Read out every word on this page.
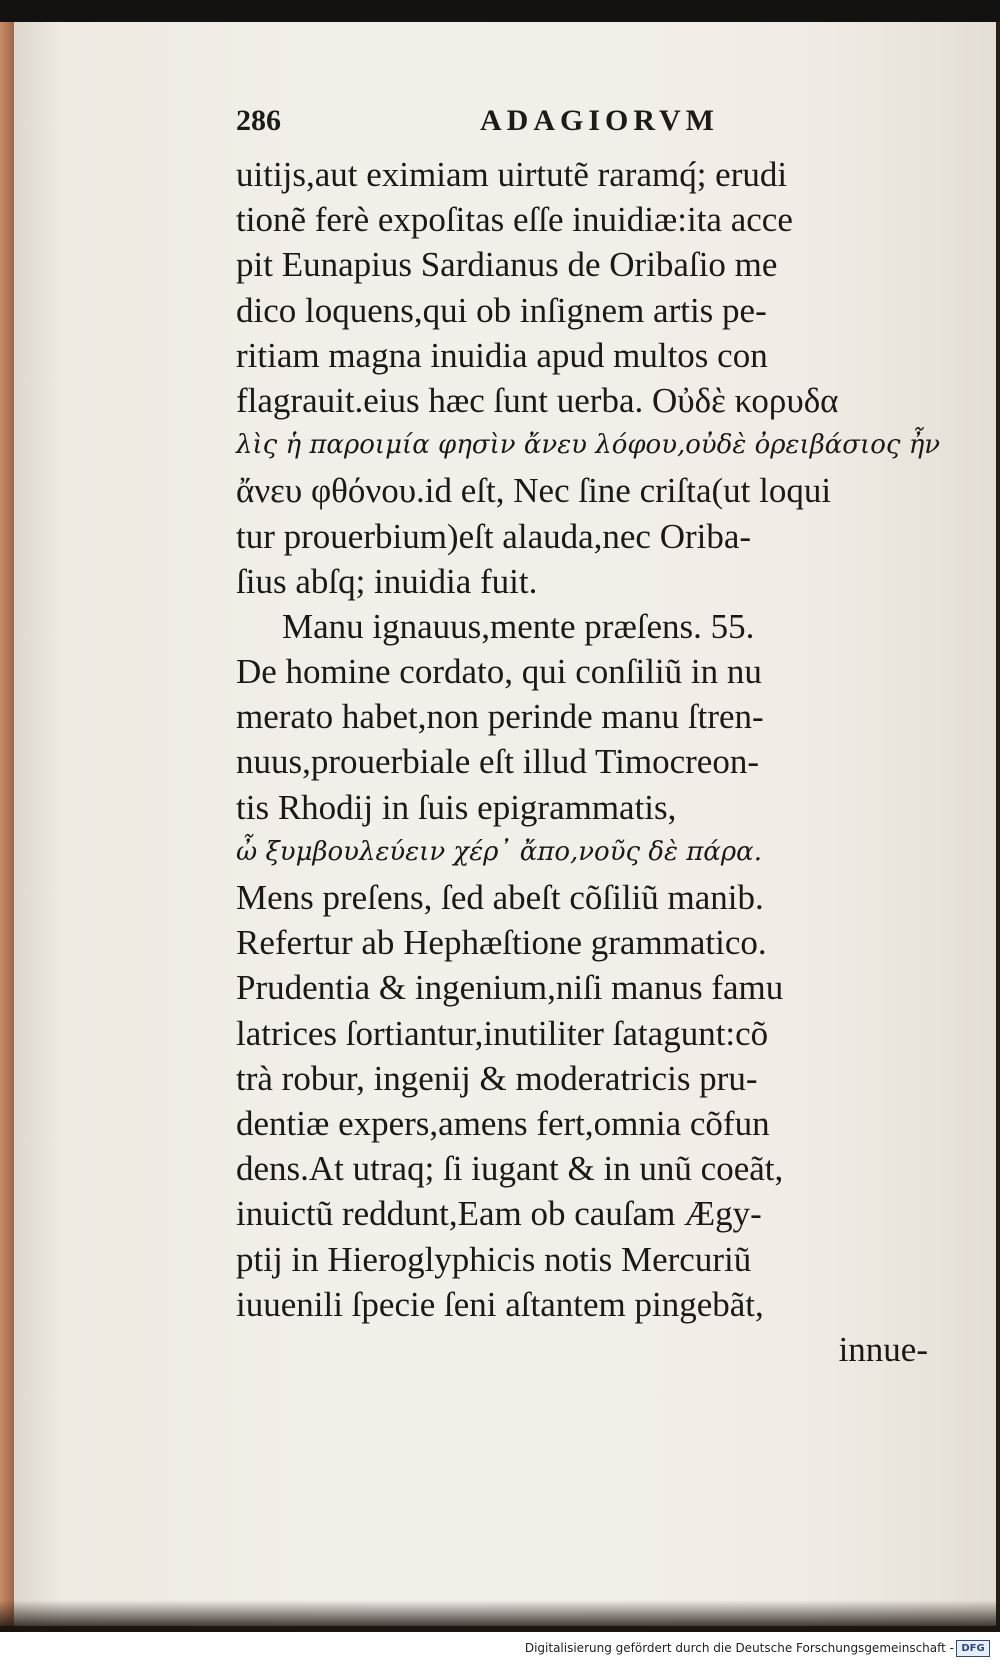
286	ADAGIORVM
uitijs,aut eximiam uirtutẽ raramq́; erudi
tionẽ ferè expoſitas eſſe inuidiæ:ita acce
pit Eunapius Sardianus de Oribaſio me
dico loquens,qui ob inſignem artis pe-
ritiam magna inuidia apud multos con
flagrauit.eius hæc ſunt uerba. Οὐδὲ κορυδα
λὶς ἡ παροιμία φησὶν ἄνευ λόφου,οὐδὲ ὀρειβάσιος ἦν
ἄνευ φθόνου.id eſt, Nec ſine criſta(ut loqui
tur prouerbium)eſt alauda,nec Oriba-
ſius abſq; inuidia fuit.
Manu ignauus,mente præſens. 55.
De homine cordato, qui conſiliũ in nu
merato habet,non perinde manu ſtren-
nuus,prouerbiale eſt illud Timocreon-
tis Rhodij in ſuis epigrammatis,
ὦ ξυμβουλεύειν χέρ᾽ ἄπο,νοῦς δὲ πάρα.
Mens preſens, ſed abeſt cõſiliũ manib.
Refertur ab Hephæſtione grammatico.
Prudentia & ingenium,niſi manus famu
latrices ſortiantur,inutiliter ſatagunt:cõ
trà robur, ingenij & moderatricis pru-
dentiæ expers,amens fert,omnia cõfun
dens.At utraq; ſi iugant & in unũ coeãt,
inuictũ reddunt,Eam ob cauſam Ægy-
ptij in Hieroglyphicis notis Mercuriũ
iuuenili ſpecie ſeni aſtantem pingebãt,
innue-
Digitalisierung gefördert durch die Deutsche Forschungsgemeinschaft - DFG
